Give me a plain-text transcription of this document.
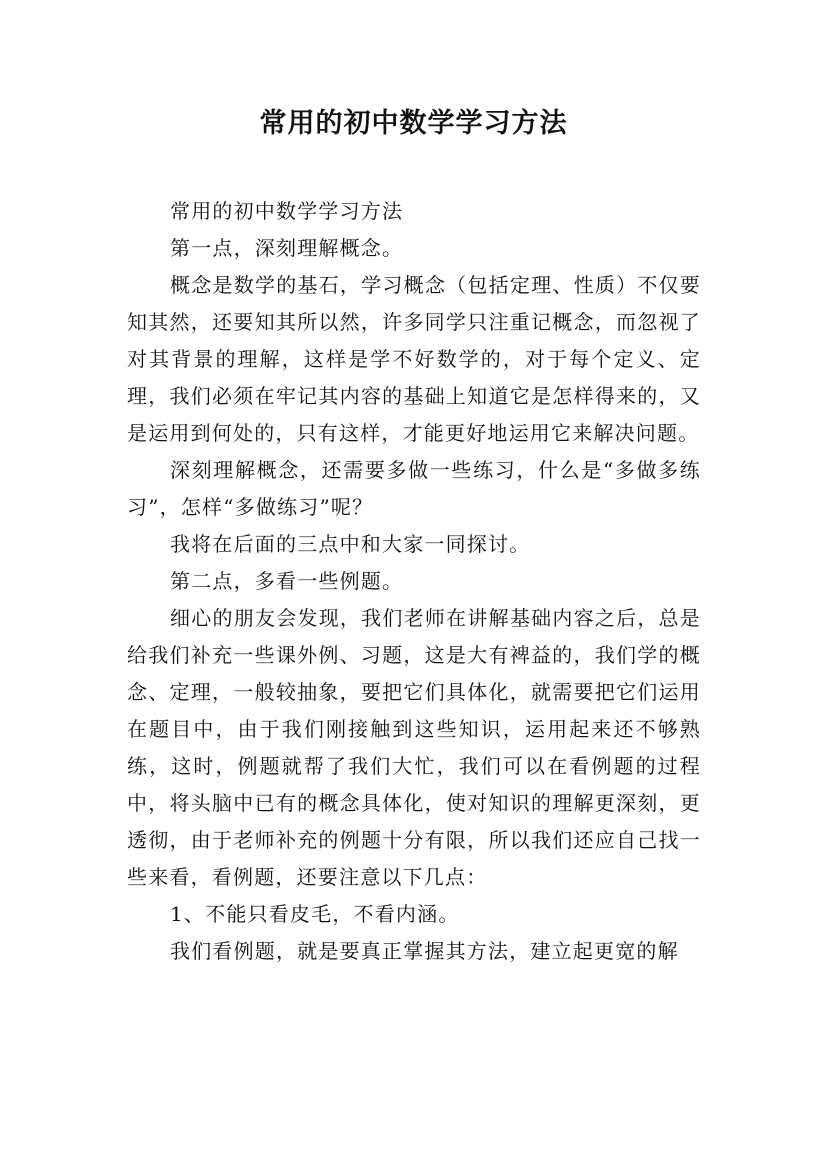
常用的初中数学学习方法

常用的初中数学学习方法

第一点，深刻理解概念。

概念是数学的基石，学习概念（包括定理、性质）不仅要知其然，还要知其所以然，许多同学只注重记概念，而忽视了对其背景的理解，这样是学不好数学的，对于每个定义、定理，我们必须在牢记其内容的基础上知道它是怎样得来的，又是运用到何处的，只有这样，才能更好地运用它来解决问题。

深刻理解概念，还需要多做一些练习，什么是“多做多练习”，怎样“多做练习”呢？

我将在后面的三点中和大家一同探讨。

第二点，多看一些例题。

细心的朋友会发现，我们老师在讲解基础内容之后，总是给我们补充一些课外例、习题，这是大有裨益的，我们学的概念、定理，一般较抽象，要把它们具体化，就需要把它们运用在题目中，由于我们刚接触到这些知识，运用起来还不够熟练，这时，例题就帮了我们大忙，我们可以在看例题的过程中，将头脑中已有的概念具体化，使对知识的理解更深刻，更透彻，由于老师补充的例题十分有限，所以我们还应自己找一些来看，看例题，还要注意以下几点：

1、不能只看皮毛，不看内涵。

我们看例题，就是要真正掌握其方法，建立起更宽的解
